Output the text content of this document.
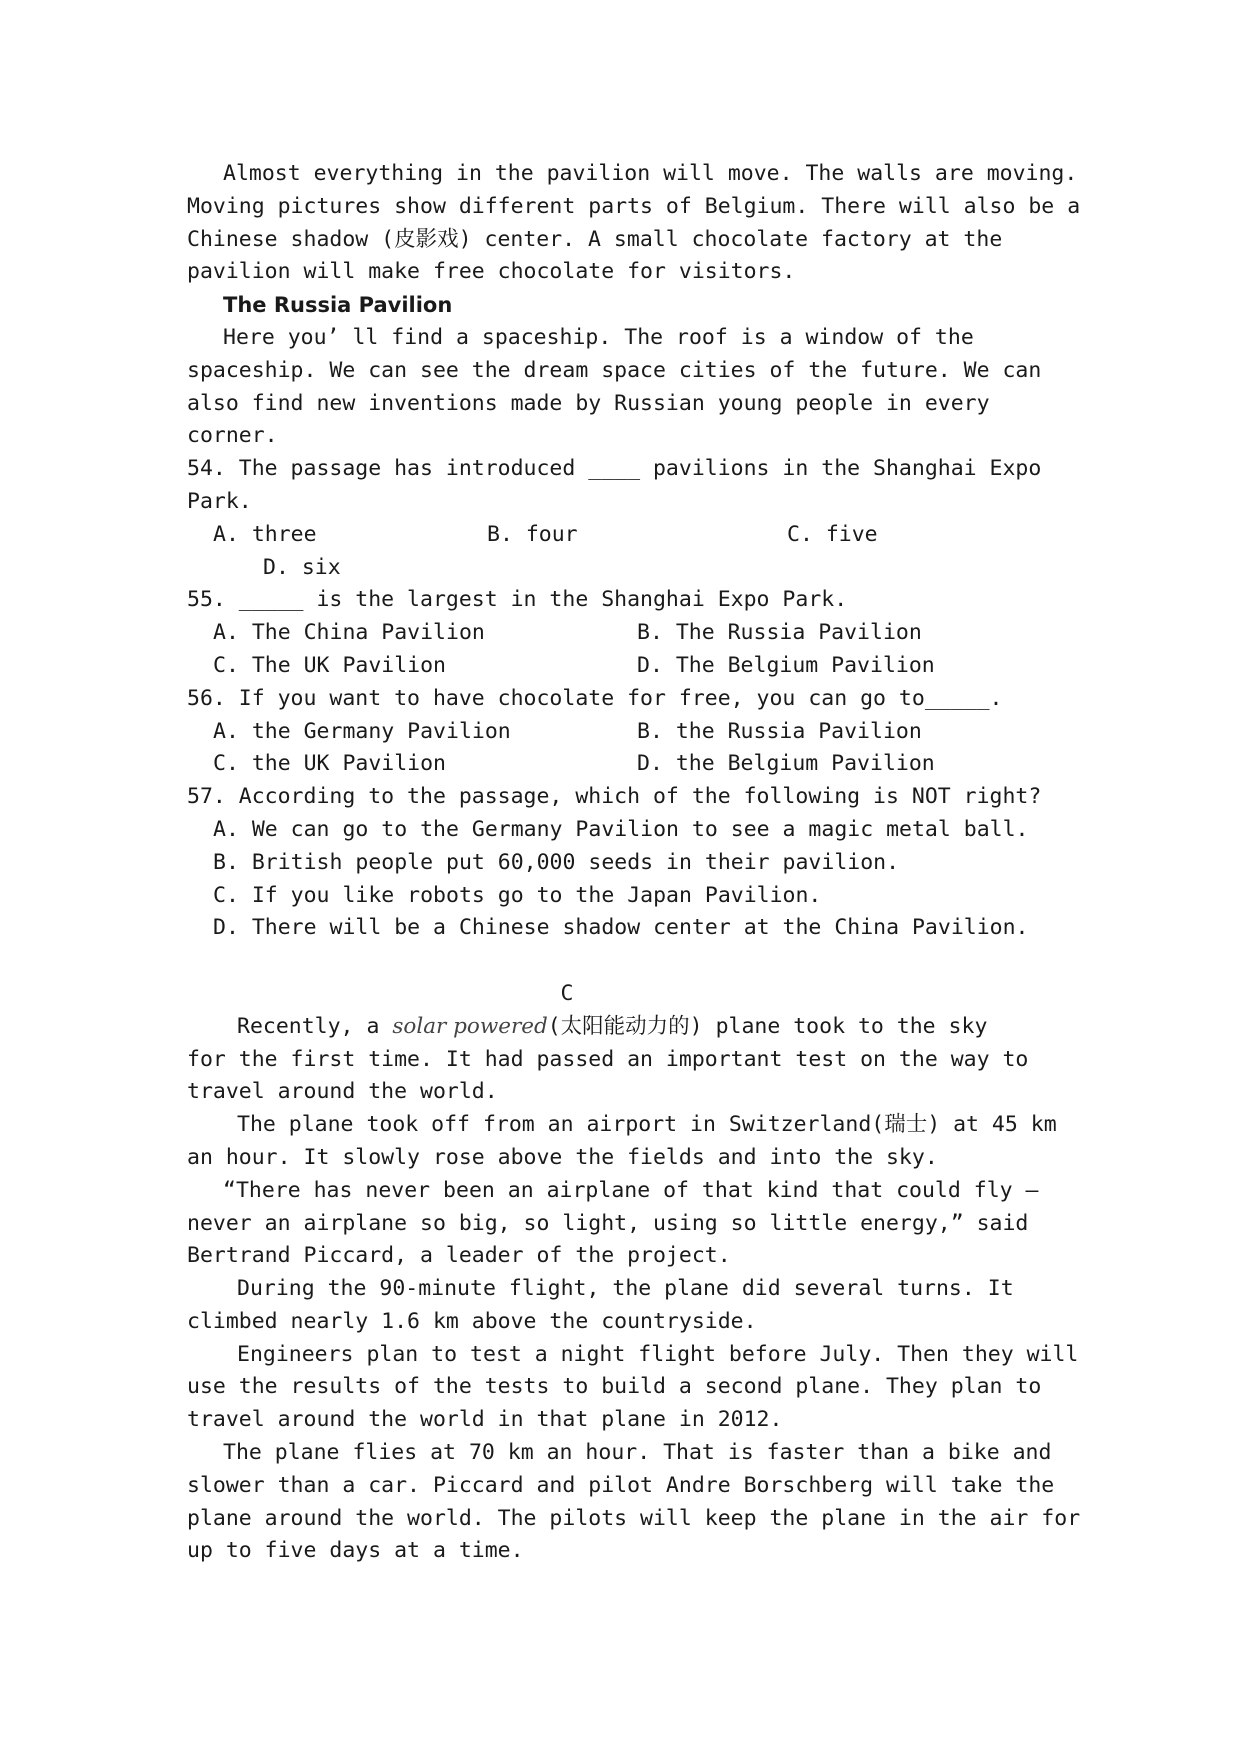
Almost everything in the pavilion will move. The walls are moving.
Moving pictures show different parts of Belgium. There will also be a
Chinese shadow (皮影戏) center. A small chocolate factory at the
pavilion will make free chocolate for visitors.
The Russia Pavilion
Here you’ ll find a spaceship. The roof is a window of the
spaceship. We can see the dream space cities of the future. We can
also find new inventions made by Russian young people in every
corner.
54. The passage has introduced ____ pavilions in the Shanghai Expo
Park.
A. three	B. four	C. five
D. six
55. _____ is the largest in the Shanghai Expo Park.
A. The China Pavilion	B. The Russia Pavilion
C. The UK Pavilion	D. The Belgium Pavilion
56. If you want to have chocolate for free, you can go to_____.
A. the Germany Pavilion	B. the Russia Pavilion
C. the UK Pavilion	D. the Belgium Pavilion
57. According to the passage, which of the following is NOT right?
A. We can go to the Germany Pavilion to see a magic metal ball.
B. British people put 60,000 seeds in their pavilion.
C. If you like robots go to the Japan Pavilion.
D. There will be a Chinese shadow center at the China Pavilion.
C
Recently, a solar powered(太阳能动力的) plane took to the sky
for the first time. It had passed an important test on the way to
travel around the world.
The plane took off from an airport in Switzerland(瑞士) at 45 km
an hour. It slowly rose above the fields and into the sky.
“There has never been an airplane of that kind that could fly —
never an airplane so big, so light, using so little energy,” said
Bertrand Piccard, a leader of the project.
During the 90-minute flight, the plane did several turns. It
climbed nearly 1.6 km above the countryside.
Engineers plan to test a night flight before July. Then they will
use the results of the tests to build a second plane. They plan to
travel around the world in that plane in 2012.
The plane flies at 70 km an hour. That is faster than a bike and
slower than a car. Piccard and pilot Andre Borschberg will take the
plane around the world. The pilots will keep the plane in the air for
up to five days at a time.
